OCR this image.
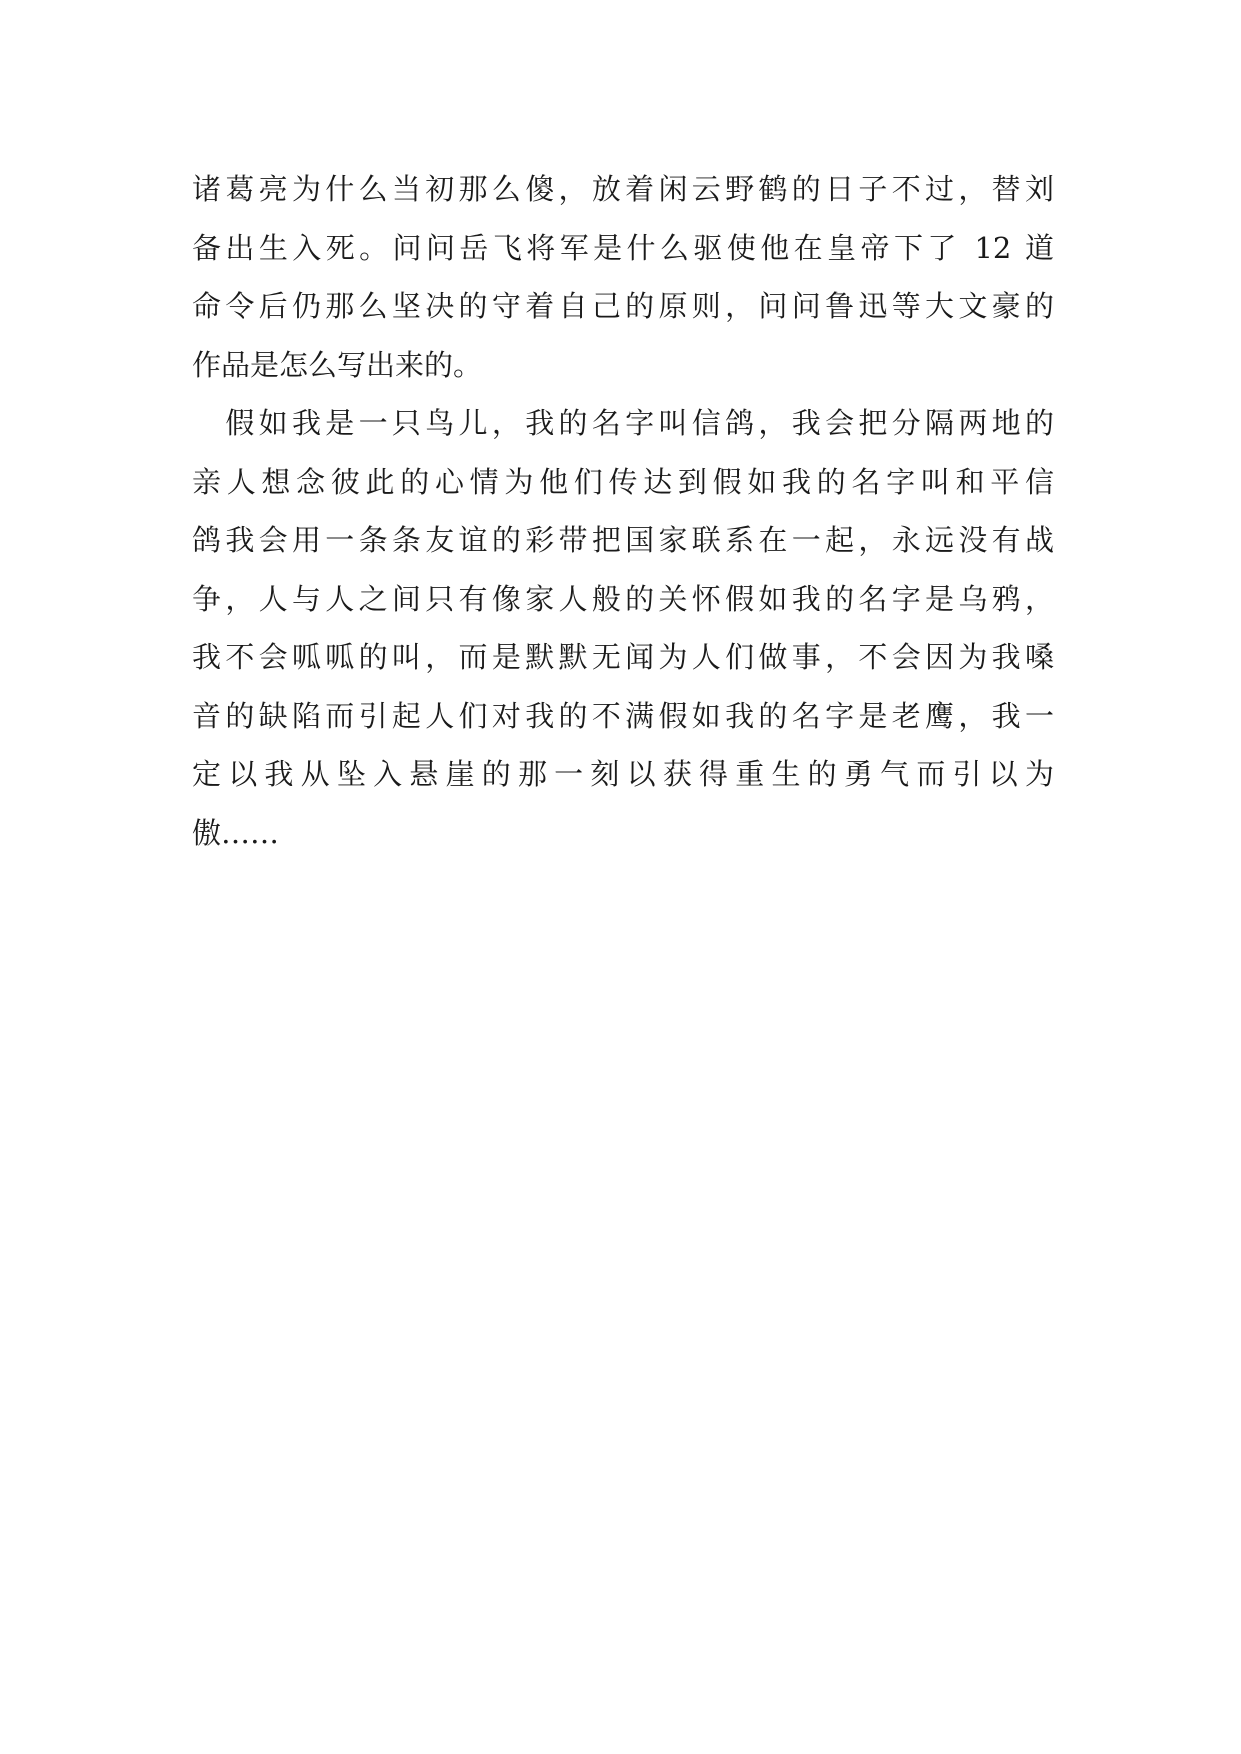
诸葛亮为什么当初那么傻，放着闲云野鹤的日子不过，替刘
备出生入死。问问岳飞将军是什么驱使他在皇帝下了 12 道
命令后仍那么坚决的守着自己的原则，问问鲁迅等大文豪的
作品是怎么写出来的。
　假如我是一只鸟儿，我的名字叫信鸽，我会把分隔两地的
亲人想念彼此的心情为他们传达到假如我的名字叫和平信
鸽我会用一条条友谊的彩带把国家联系在一起，永远没有战
争，人与人之间只有像家人般的关怀假如我的名字是乌鸦，
我不会呱呱的叫，而是默默无闻为人们做事，不会因为我嗓
音的缺陷而引起人们对我的不满假如我的名字是老鹰，我一
定以我从坠入悬崖的那一刻以获得重生的勇气而引以为
傲……
